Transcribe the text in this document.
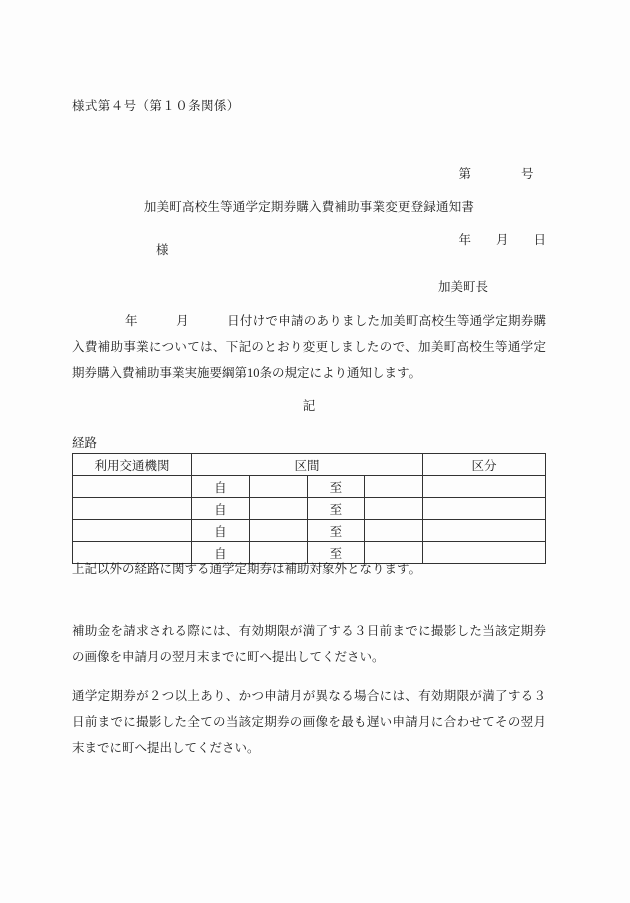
様式第４号（第１０条関係）

第　　　　号

年　　月　　日

加美町高校生等通学定期券購入費補助事業変更登録通知書
様
加美町長
　　年　　　月　　　日付けで申請のありました加美町高校生等通学定期券購入費補助事業については、下記のとおり変更しましたので、加美町高校生等通学定期券購入費補助事業実施要綱第10条の規定により通知します。
記
経路
利用交通機関	区間				区分
	自		至		
	自		至		
	自		至		
	自		至		
上記以外の経路に関する通学定期券は補助対象外となります。
補助金を請求される際には、有効期限が満了する３日前までに撮影した当該定期券の画像を申請月の翌月末までに町へ提出してください。
通学定期券が２つ以上あり、かつ申請月が異なる場合には、有効期限が満了する３日前までに撮影した全ての当該定期券の画像を最も遅い申請月に合わせてその翌月末までに町へ提出してください。
